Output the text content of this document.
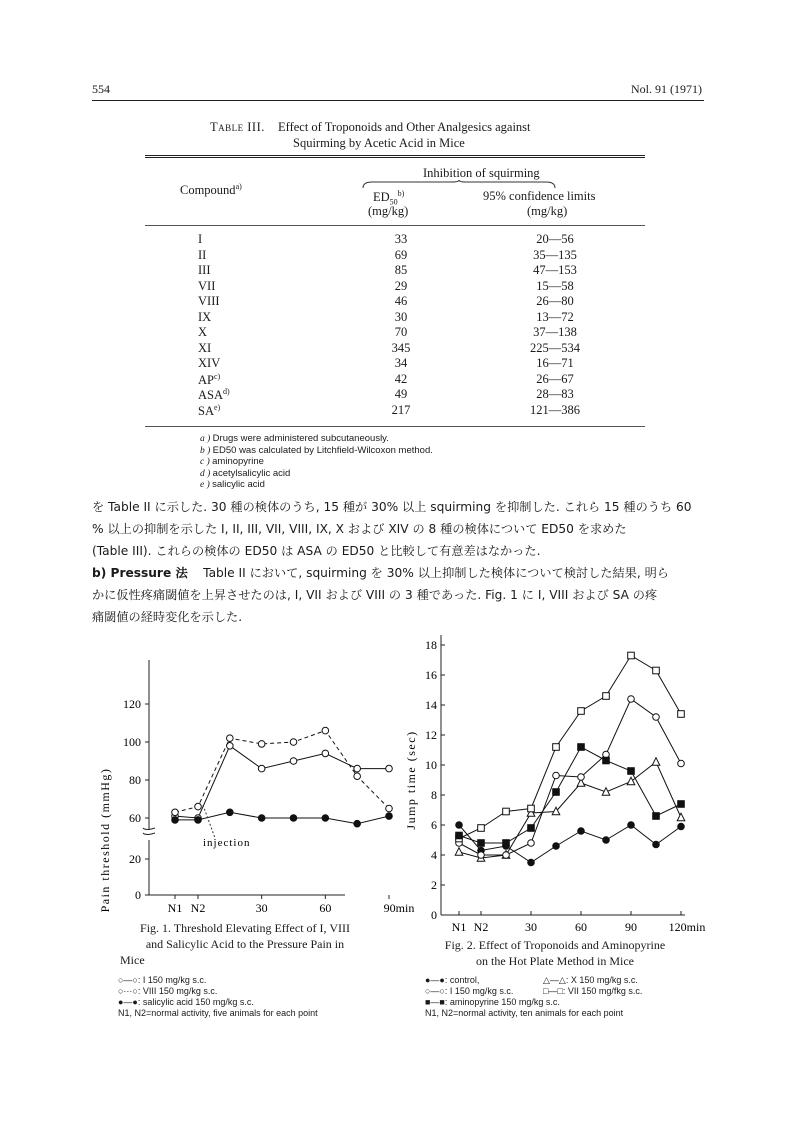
554	Nol. 91 (1971)
Table III. Effect of Troponoids and Other Analgesics against
Squirming by Acetic Acid in Mice
Inhibition of squirming
Compound$^{a)}$
$ED_{50}^{b)}$
(mg/kg)
95% confidence limits
(mg/kg)
I	33	20—56
II	69	35—135
III	85	47—153
VII	29	15—58
VIII	46	26—80
IX	30	13—72
X	70	37—138
XI	345	225—534
XIV	34	16—71
AP$^{c)}$	42	26—67
ASA$^{d)}$	49	28—83
SA$^{e)}$	217	121—386
a ) Drugs were administered subcutaneously.
b ) ED50 was calculated by Litchfield-Wilcoxon method.
c ) aminopyrine
d ) acetylsalicylic acid
e ) salicylic acid
を Table II に示した. 30 種の検体のうち, 15 種が 30% 以上 squirming を抑制した. これら 15 種のうち 60
% 以上の抑制を示した I, II, III, VII, VIII, IX, X および XIV の 8 種の検体について ED50 を求めた
(Table III). これらの検体の ED50 は ASA の ED50 と比較して有意差はなかった.
b) Pressure 法 Table II において, squirming を 30% 以上抑制した検体について検討した結果, 明ら
かに仮性疼痛閾値を上昇させたのは, I, VII および VIII の 3 種であった. Fig. 1 に I, VIII および SA の疼
痛閾値の経時変化を示した.
Pain threshold (mmHg) 0
20
60
80
100
120
N1 N2	30	60	90min
injection
Fig. 1. Threshold Elevating Effect of I, VIII
and Salicylic Acid to the Pressure Pain in
Mice
○—○: I 150 mg/kg s.c.
○···○: VIII 150 mg/kg s.c.
●—●: salicylic acid 150 mg/kg s.c.
N1, N2=normal activity, five animals for each point
Jump time (sec)
0
2
4
6
8
10
12
14
16
18
N1 N2	30	60	90	120min
Fig. 2. Effect of Troponoids and Aminopyrine
on the Hot Plate Method in Mice
●—●: control,	△—△: X 150 mg/kg s.c.
○—○: I 150 mg/kg s.c.	□—□: VII 150 mg/fkg s.c.
■—■: aminopyrine 150 mg/kg s.c.
N1, N2=normal activity, ten animals for each point
